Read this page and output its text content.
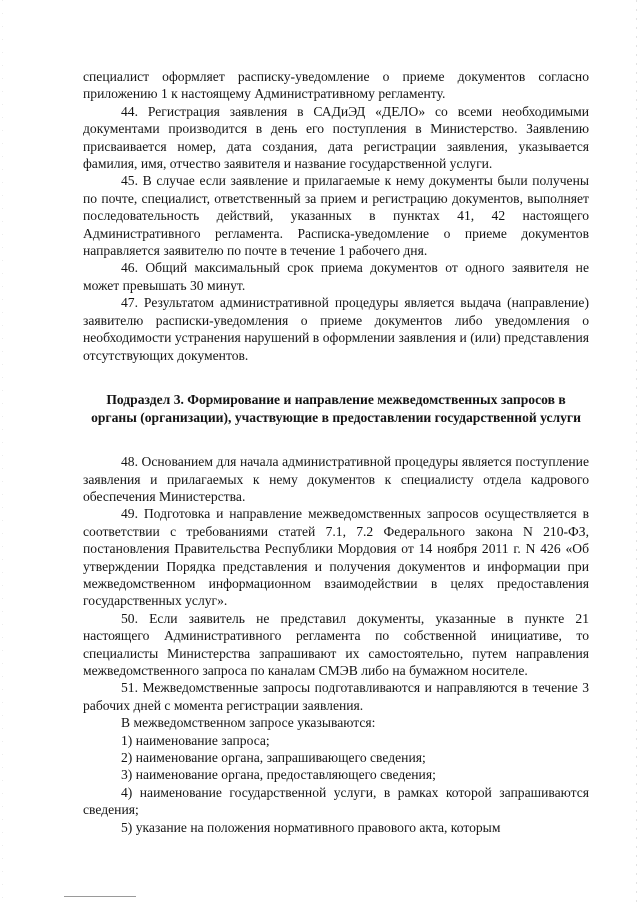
специалист оформляет расписку-уведомление о приеме документов согласно приложению 1 к настоящему Административному регламенту.

44. Регистрация заявления в САДиЭД «ДЕЛО» со всеми необходимыми документами производится в день его поступления в Министерство. Заявлению присваивается номер, дата создания, дата регистрации заявления, указывается фамилия, имя, отчество заявителя и название государственной услуги.

45. В случае если заявление и прилагаемые к нему документы были получены по почте, специалист, ответственный за прием и регистрацию документов, выполняет последовательность действий, указанных в пунктах 41, 42 настоящего Административного регламента. Расписка-уведомление о приеме документов направляется заявителю по почте в течение 1 рабочего дня.

46. Общий максимальный срок приема документов от одного заявителя не может превышать 30 минут.

47. Результатом административной процедуры является выдача (направление) заявителю расписки-уведомления о приеме документов либо уведомления о необходимости устранения нарушений в оформлении заявления и (или) представления отсутствующих документов.

Подраздел 3. Формирование и направление межведомственных запросов в органы (организации), участвующие в предоставлении государственной услуги

48. Основанием для начала административной процедуры является поступление заявления и прилагаемых к нему документов к специалисту отдела кадрового обеспечения Министерства.

49. Подготовка и направление межведомственных запросов осуществляется в соответствии с требованиями статей 7.1, 7.2 Федерального закона N 210-ФЗ, постановления Правительства Республики Мордовия от 14 ноября 2011 г. N 426 «Об утверждении Порядка представления и получения документов и информации при межведомственном информационном взаимодействии в целях предоставления государственных услуг».

50. Если заявитель не представил документы, указанные в пункте 21 настоящего Административного регламента по собственной инициативе, то специалисты Министерства запрашивают их самостоятельно, путем направления межведомственного запроса по каналам СМЭВ либо на бумажном носителе.

51. Межведомственные запросы подготавливаются и направляются в течение 3 рабочих дней с момента регистрации заявления.

В межведомственном запросе указываются:

1) наименование запроса;

2) наименование органа, запрашивающего сведения;

3) наименование органа, предоставляющего сведения;

4) наименование государственной услуги, в рамках которой запрашиваются сведения;

5) указание на положения нормативного правового акта, которым
